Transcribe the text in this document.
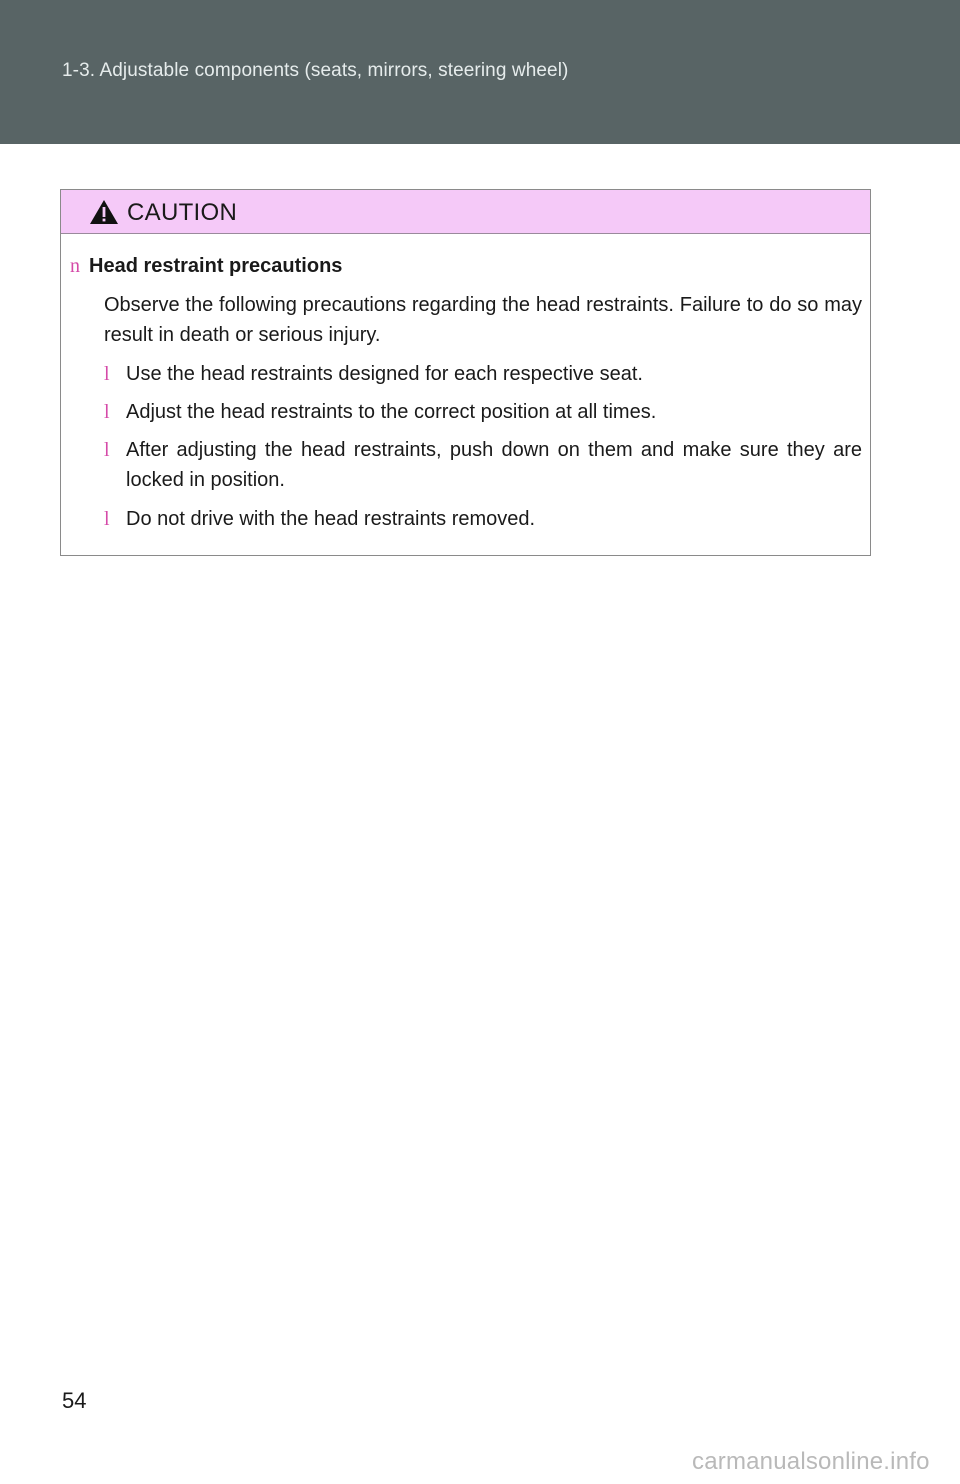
1-3. Adjustable components (seats, mirrors, steering wheel)
CAUTION
n Head restraint precautions
Observe the following precautions regarding the head restraints. Failure to do so may result in death or serious injury.
l Use the head restraints designed for each respective seat.
l Adjust the head restraints to the correct position at all times.
l After adjusting the head restraints, push down on them and make sure they are locked in position.
l Do not drive with the head restraints removed.
54
carmanualsonline.info
